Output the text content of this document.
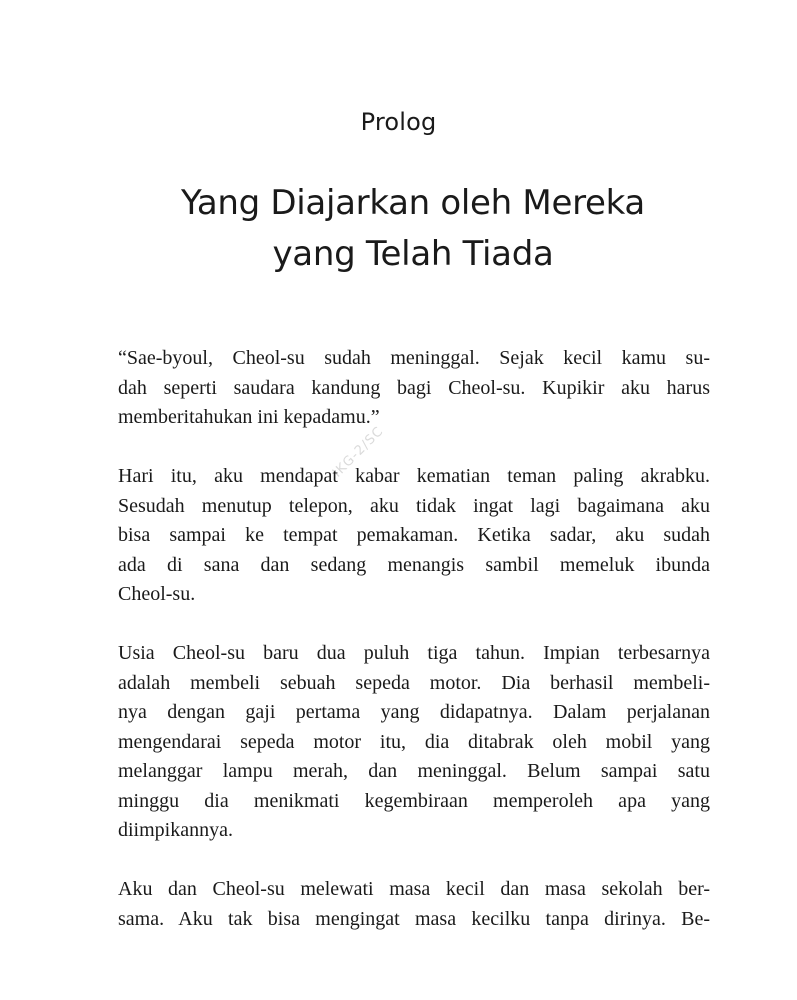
Prolog
Yang Diajarkan oleh Mereka
yang Telah Tiada
IKG-2/SC
“Sae-byoul, Cheol-su sudah meninggal. Sejak kecil kamu su-
dah seperti saudara kandung bagi Cheol-su. Kupikir aku harus
memberitahukan ini kepadamu.”
Hari itu, aku mendapat kabar kematian teman paling akrabku.
Sesudah menutup telepon, aku tidak ingat lagi bagaimana aku
bisa sampai ke tempat pemakaman. Ketika sadar, aku sudah
ada di sana dan sedang menangis sambil memeluk ibunda
Cheol-su.
Usia Cheol-su baru dua puluh tiga tahun. Impian terbesarnya
adalah membeli sebuah sepeda motor. Dia berhasil membeli-
nya dengan gaji pertama yang didapatnya. Dalam perjalanan
mengendarai sepeda motor itu, dia ditabrak oleh mobil yang
melanggar lampu merah, dan meninggal. Belum sampai satu
minggu dia menikmati kegembiraan memperoleh apa yang
diimpikannya.
Aku dan Cheol-su melewati masa kecil dan masa sekolah ber-
sama. Aku tak bisa mengingat masa kecilku tanpa dirinya. Be-
